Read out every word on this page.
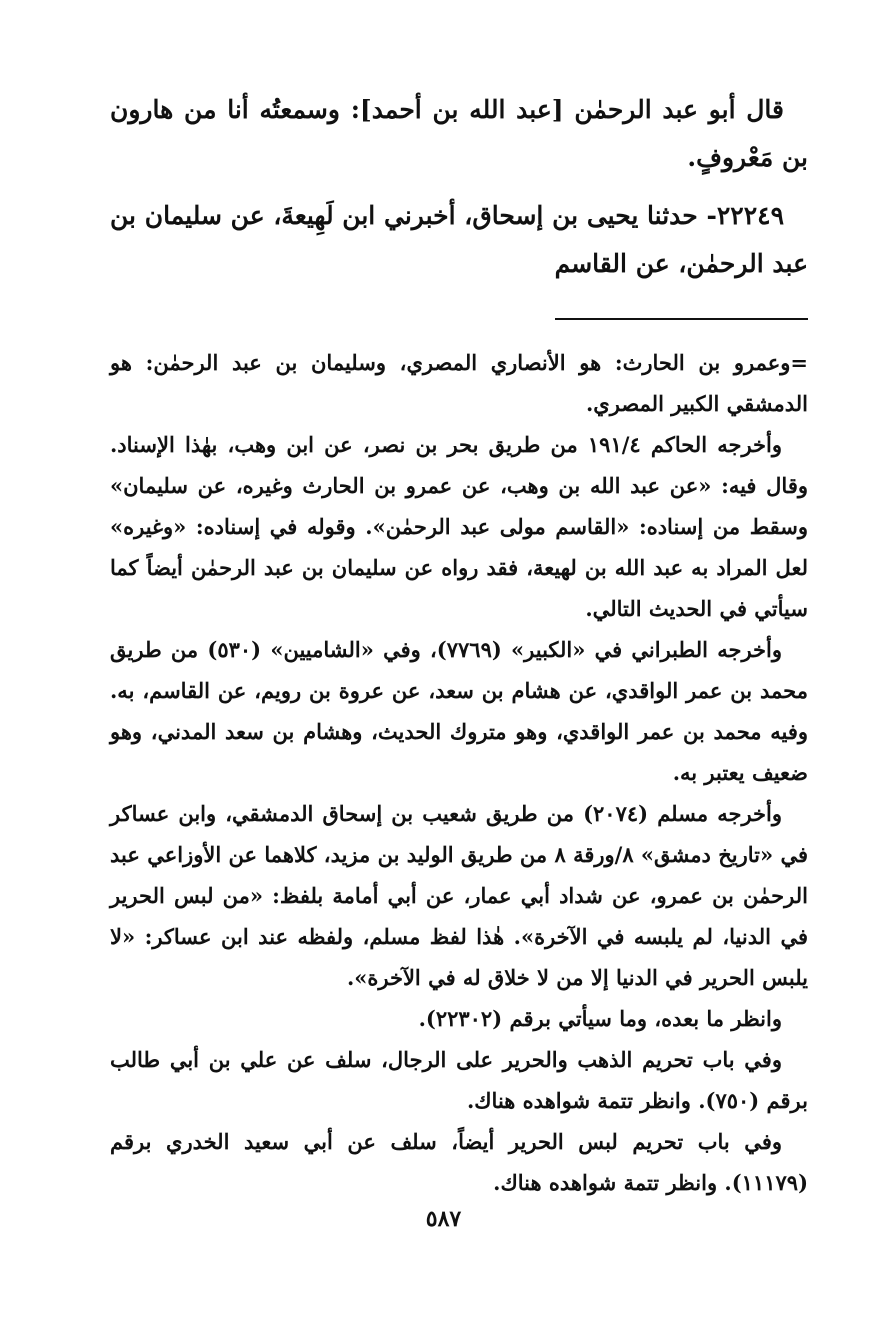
قال أبو عبد الرحمٰن [عبد الله بن أحمد]: وسمعتُه أنا من هارون بن مَعْروفٍ.

٢٢٢٤٩- حدثنا يحيى بن إسحاق، أخبرني ابن لَهِيعةَ، عن سليمان بن عبد الرحمٰن، عن القاسم

=وعمرو بن الحارث: هو الأنصاري المصري، وسليمان بن عبد الرحمٰن: هو الدمشقي الكبير المصري.

وأخرجه الحاكم ١٩١/٤ من طريق بحر بن نصر، عن ابن وهب، بهٰذا الإسناد. وقال فيه: «عن عبد الله بن وهب، عن عمرو بن الحارث وغيره، عن سليمان» وسقط من إسناده: «القاسم مولى عبد الرحمٰن». وقوله في إسناده: «وغيره» لعل المراد به عبد الله بن لهيعة، فقد رواه عن سليمان بن عبد الرحمٰن أيضاً كما سيأتي في الحديث التالي.

وأخرجه الطبراني في «الكبير» (٧٧٦٩)، وفي «الشاميين» (٥٣٠) من طريق محمد بن عمر الواقدي، عن هشام بن سعد، عن عروة بن رويم، عن القاسم، به. وفيه محمد بن عمر الواقدي، وهو متروك الحديث، وهشام بن سعد المدني، وهو ضعيف يعتبر به.

وأخرجه مسلم (٢٠٧٤) من طريق شعيب بن إسحاق الدمشقي، وابن عساكر في «تاريخ دمشق» ٨/ورقة ٨ من طريق الوليد بن مزيد، كلاهما عن الأوزاعي عبد الرحمٰن بن عمرو، عن شداد أبي عمار، عن أبي أمامة بلفظ: «من لبس الحرير في الدنيا، لم يلبسه في الآخرة». هٰذا لفظ مسلم، ولفظه عند ابن عساكر: «لا يلبس الحرير في الدنيا إلا من لا خلاق له في الآخرة».

وانظر ما بعده، وما سيأتي برقم (٢٢٣٠٢).

وفي باب تحريم الذهب والحرير على الرجال، سلف عن علي بن أبي طالب برقم (٧٥٠). وانظر تتمة شواهده هناك.

وفي باب تحريم لبس الحرير أيضاً، سلف عن أبي سعيد الخدري برقم (١١١٧٩). وانظر تتمة شواهده هناك.

٥٨٧
